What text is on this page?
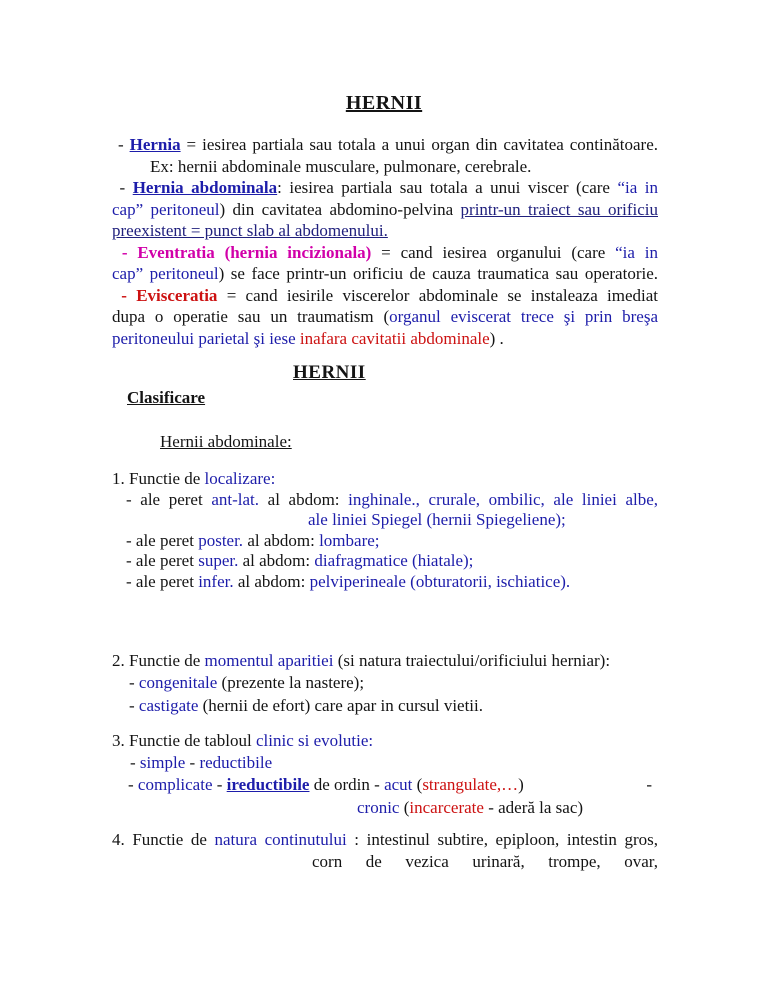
HERNII
- Hernia = iesirea partiala sau totala a unui organ din cavitatea continătoare.
Ex: hernii abdominale musculare, pulmonare, cerebrale.
- Hernia abdominala: iesirea partiala sau totala a unui viscer (care “ia in
cap” peritoneul) din cavitatea abdomino-pelvina printr-un traiect sau orificiu
preexistent = punct slab al abdomenului.
- Eventratia (hernia incizionala) = cand iesirea organului (care “ia in
cap” peritoneul) se face printr-un orificiu de cauza traumatica sau operatorie.
- Evisceratia = cand iesirile viscerelor abdominale se instaleaza imediat
dupa o operatie sau un traumatism (organul eviscerat trece şi prin breşa
peritoneului parietal şi iese inafara cavitatii abdominale) .
HERNII
Clasificare
Hernii abdominale:
1. Functie de localizare:
- ale peret ant-lat. al abdom: inghinale., crurale, ombilic, ale liniei albe,
ale liniei Spiegel (hernii Spiegeliene);
- ale peret poster. al abdom: lombare;
- ale peret super. al abdom: diafragmatice (hiatale);
- ale peret infer. al abdom: pelviperineale (obturatorii, ischiatice).
2. Functie de momentul aparitiei (si natura traiectului/orificiului herniar):
- congenitale (prezente la nastere);
- castigate (hernii de efort) care apar in cursul vietii.
3. Functie de tabloul clinic si evolutie:
- simple - reductibile
- complicate - ireductibile de ordin - acut (strangulate,…)	-
cronic (incarcerate - aderă la sac)
4. Functie de natura continutului : intestinul subtire, epiploon, intestin gros,
corn de vezica urinară, trompe, ovar,
